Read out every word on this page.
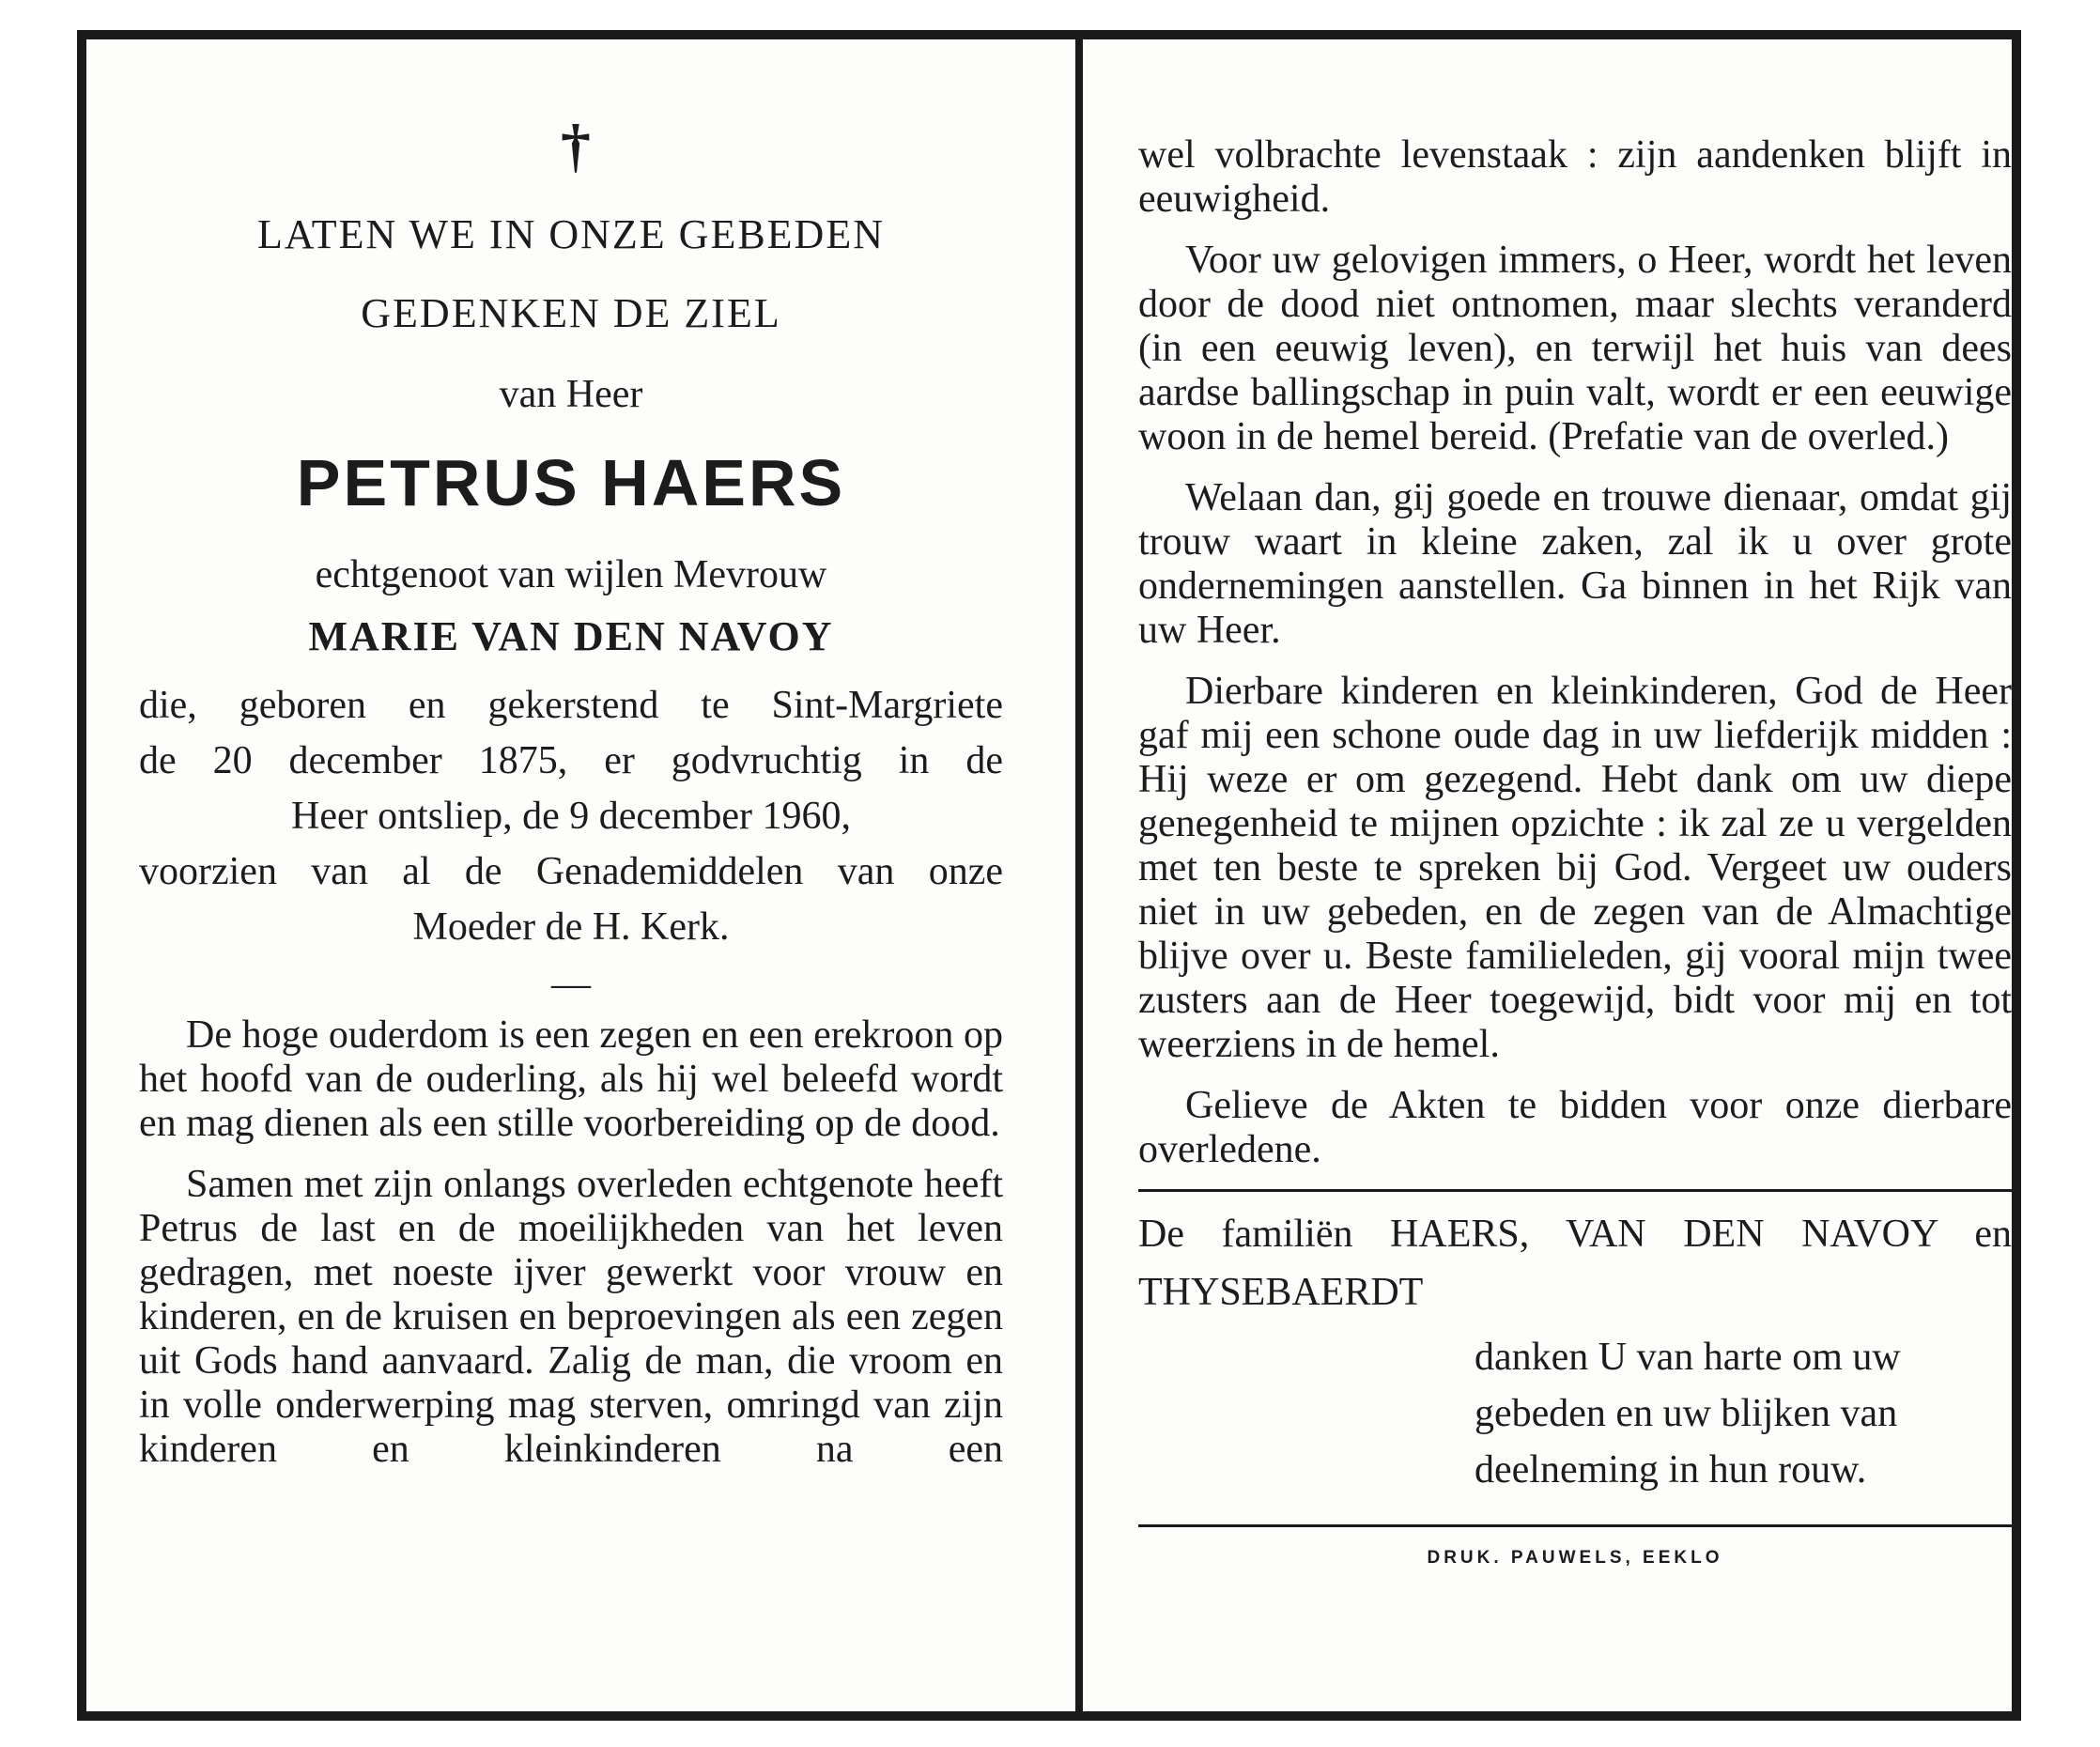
†
LATEN WE IN ONZE GEBEDEN
GEDENKEN DE ZIEL
van Heer
PETRUS HAERS
echtgenoot van wijlen Mevrouw
MARIE VAN DEN NAVOY
die, geboren en gekerstend te Sint-Margriete
de 20 december 1875, er godvruchtig in de
Heer ontsliep, de 9 december 1960,
voorzien van al de Genademiddelen van onze
Moeder de H. Kerk.
—

De hoge ouderdom is een zegen en een erekroon op het hoofd van de ouderling, als hij wel beleefd wordt en mag dienen als een stille voorbereiding op de dood.

Samen met zijn onlangs overleden echtgenote heeft Petrus de last en de moeilijkheden van het leven gedragen, met noeste ijver gewerkt voor vrouw en kinderen, en de kruisen en beproevingen als een zegen uit Gods hand aanvaard. Zalig de man, die vroom en in volle onderwerping mag sterven, omringd van zijn kinderen en kleinkinderen na een

wel volbrachte levenstaak : zijn aandenken blijft in eeuwigheid.

Voor uw gelovigen immers, o Heer, wordt het leven door de dood niet ontnomen, maar slechts veranderd (in een eeuwig leven), en terwijl het huis van dees aardse ballingschap in puin valt, wordt er een eeuwige woon in de hemel bereid. (Prefatie van de overled.)

Welaan dan, gij goede en trouwe dienaar, omdat gij trouw waart in kleine zaken, zal ik u over grote ondernemingen aanstellen. Ga binnen in het Rijk van uw Heer.

Dierbare kinderen en kleinkinderen, God de Heer gaf mij een schone oude dag in uw liefderijk midden : Hij weze er om gezegend. Hebt dank om uw diepe genegenheid te mijnen opzichte : ik zal ze u vergelden met ten beste te spreken bij God. Vergeet uw ouders niet in uw gebeden, en de zegen van de Almachtige blijve over u. Beste familieleden, gij vooral mijn twee zusters aan de Heer toegewijd, bidt voor mij en tot weerziens in de hemel.

Gelieve de Akten te bidden voor onze dierbare overledene.

De familiën HAERS, VAN DEN NAVOY en THYSEBAERDT
danken U van harte om uw
gebeden en uw blijken van
deelneming in hun rouw.
DRUK. PAUWELS, EEKLO
